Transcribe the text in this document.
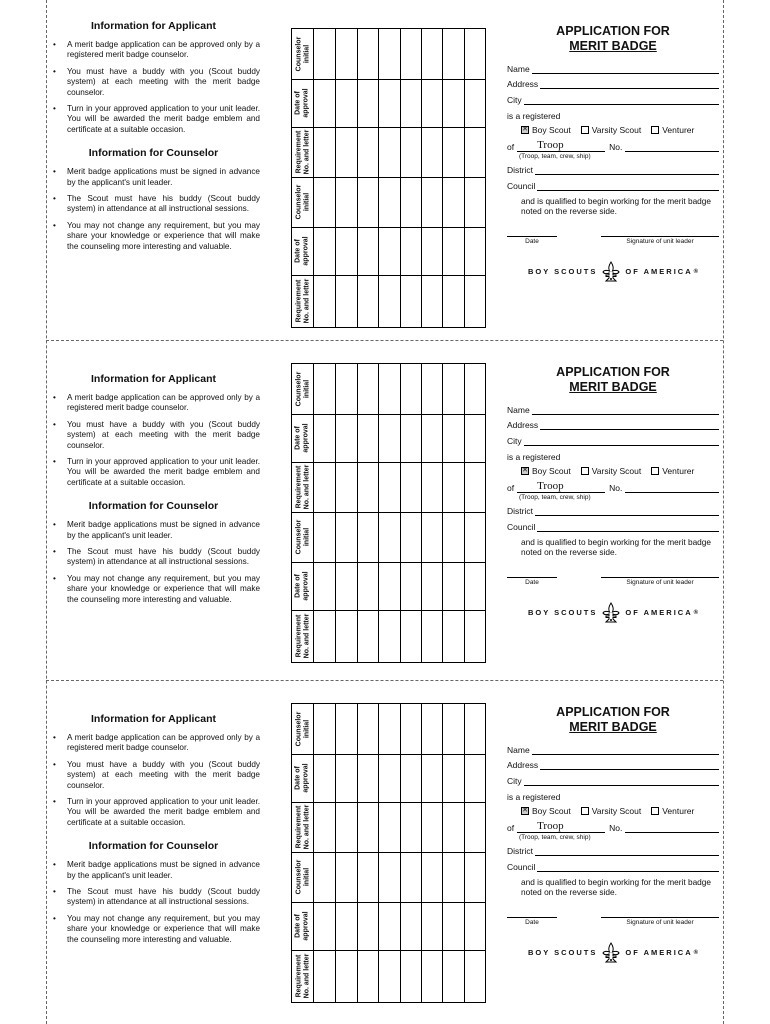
Information for Applicant
• A merit badge application can be approved only by a registered merit badge counselor.
• You must have a buddy with you (Scout buddy system) at each meeting with the merit badge counselor.
• Turn in your approved application to your unit leader. You will be awarded the merit badge emblem and certificate at a suitable occasion.
Information for Counselor
• Merit badge applications must be signed in advance by the applicant's unit leader.
• The Scout must have his buddy (Scout buddy system) in attendance at all instructional sessions.
• You may not change any requirement, but you may share your knowledge or experience that will make the counseling more interesting and valuable.
Counselor
initial
Date of
approval
Requirement
No. and letter
Counselor
initial
Date of
approval
Requirement
No. and letter
APPLICATION FOR
MERIT BADGE
Name
Address
City
is a registered
✕
Boy Scout Varsity Scout Venturer
of	Troop	No.
(Troop, team, crew, ship)
District
Council
and is qualified to begin working for the merit badge noted on the reverse side.
Date	Signature of unit leader
BOY SCOUTS	OF AMERICA ®
Information for Applicant
• A merit badge application can be approved only by a registered merit badge counselor.
• You must have a buddy with you (Scout buddy system) at each meeting with the merit badge counselor.
• Turn in your approved application to your unit leader. You will be awarded the merit badge emblem and certificate at a suitable occasion.
Information for Counselor
• Merit badge applications must be signed in advance by the applicant's unit leader.
• The Scout must have his buddy (Scout buddy system) in attendance at all instructional sessions.
• You may not change any requirement, but you may share your knowledge or experience that will make the counseling more interesting and valuable.
Counselor
initial
Date of
approval
Requirement
No. and letter
Counselor
initial
Date of
approval
Requirement
No. and letter
APPLICATION FOR
MERIT BADGE
Name
Address
City
is a registered
✕
Boy Scout Varsity Scout Venturer
of	Troop	No.
(Troop, team, crew, ship)
District
Council
and is qualified to begin working for the merit badge noted on the reverse side.
Date	Signature of unit leader
BOY SCOUTS	OF AMERICA ®
Information for Applicant
• A merit badge application can be approved only by a registered merit badge counselor.
• You must have a buddy with you (Scout buddy system) at each meeting with the merit badge counselor.
• Turn in your approved application to your unit leader. You will be awarded the merit badge emblem and certificate at a suitable occasion.
Information for Counselor
• Merit badge applications must be signed in advance by the applicant's unit leader.
• The Scout must have his buddy (Scout buddy system) in attendance at all instructional sessions.
• You may not change any requirement, but you may share your knowledge or experience that will make the counseling more interesting and valuable.
Counselor
initial
Date of
approval
Requirement
No. and letter
Counselor
initial
Date of
approval
Requirement
No. and letter
APPLICATION FOR
MERIT BADGE
Name
Address
City
is a registered
✕
Boy Scout Varsity Scout Venturer
of	Troop	No.
(Troop, team, crew, ship)
District
Council
and is qualified to begin working for the merit badge noted on the reverse side.
Date	Signature of unit leader
BOY SCOUTS	OF AMERICA ®
